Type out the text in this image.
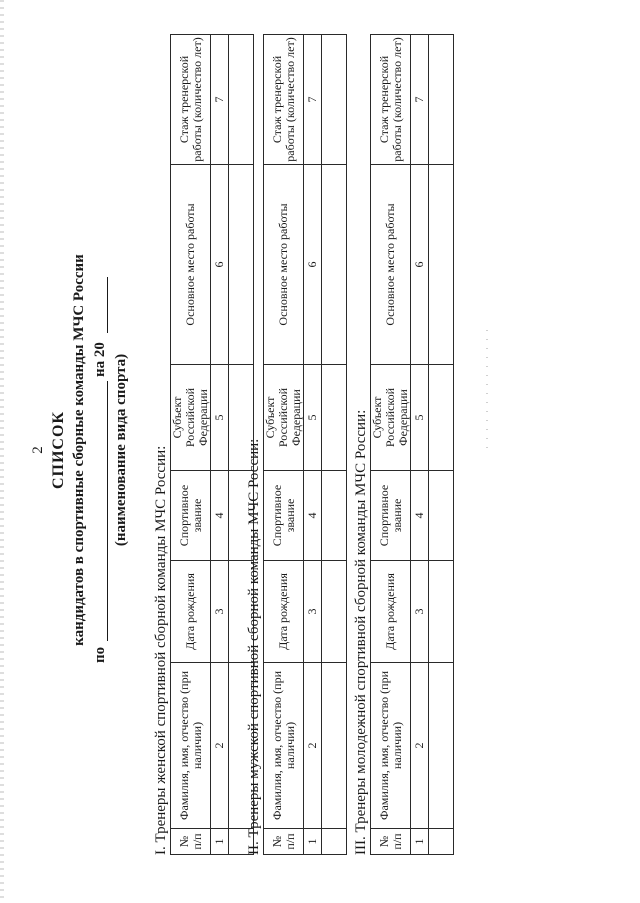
2 СПИСОК кандидатов в спортивные сборные команды МЧС России
по
на 20 (наименование вида спорта) I. Тренеры женской спортивной сборной команды МЧС России: № п/п	Фамилия, имя, отчество (при наличии)	Дата рождения	Спортивное звание	Субъект Российской Федерации	Основное место работы	Стаж тренерской работы (количество лет)
1	2	3	4	5	6	7

II. Тренеры мужской спортивной сборной команды МЧС России: № п/п	Фамилия, имя, отчество (при наличии)	Дата рождения	Спортивное звание	Субъект Российской Федерации	Основное место работы	Стаж тренерской работы (количество лет)
1	2	3	4	5	6	7

III. Тренеры молодежной спортивной сборной команды МЧС России: № п/п	Фамилия, имя, отчество (при наличии)	Дата рождения	Спортивное звание	Субъект Российской Федерации	Основное место работы	Стаж тренерской работы (количество лет)
1	2	3	4	5	6	7
